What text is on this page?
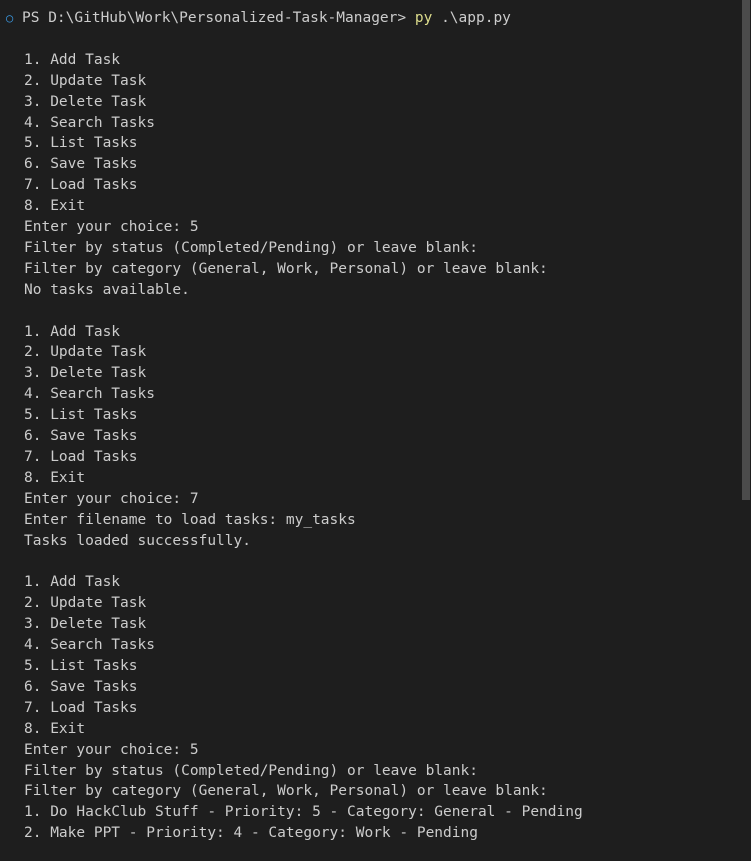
○ PS D:\GitHub\Work\Personalized-Task-Manager> py .\app.py

1. Add Task
2. Update Task
3. Delete Task
4. Search Tasks
5. List Tasks
6. Save Tasks
7. Load Tasks
8. Exit
Enter your choice: 5
Filter by status (Completed/Pending) or leave blank:
Filter by category (General, Work, Personal) or leave blank:
No tasks available.

1. Add Task
2. Update Task
3. Delete Task
4. Search Tasks
5. List Tasks
6. Save Tasks
7. Load Tasks
8. Exit
Enter your choice: 7
Enter filename to load tasks: my_tasks
Tasks loaded successfully.

1. Add Task
2. Update Task
3. Delete Task
4. Search Tasks
5. List Tasks
6. Save Tasks
7. Load Tasks
8. Exit
Enter your choice: 5
Filter by status (Completed/Pending) or leave blank:
Filter by category (General, Work, Personal) or leave blank:
1. Do HackClub Stuff - Priority: 5 - Category: General - Pending
2. Make PPT - Priority: 4 - Category: Work - Pending
